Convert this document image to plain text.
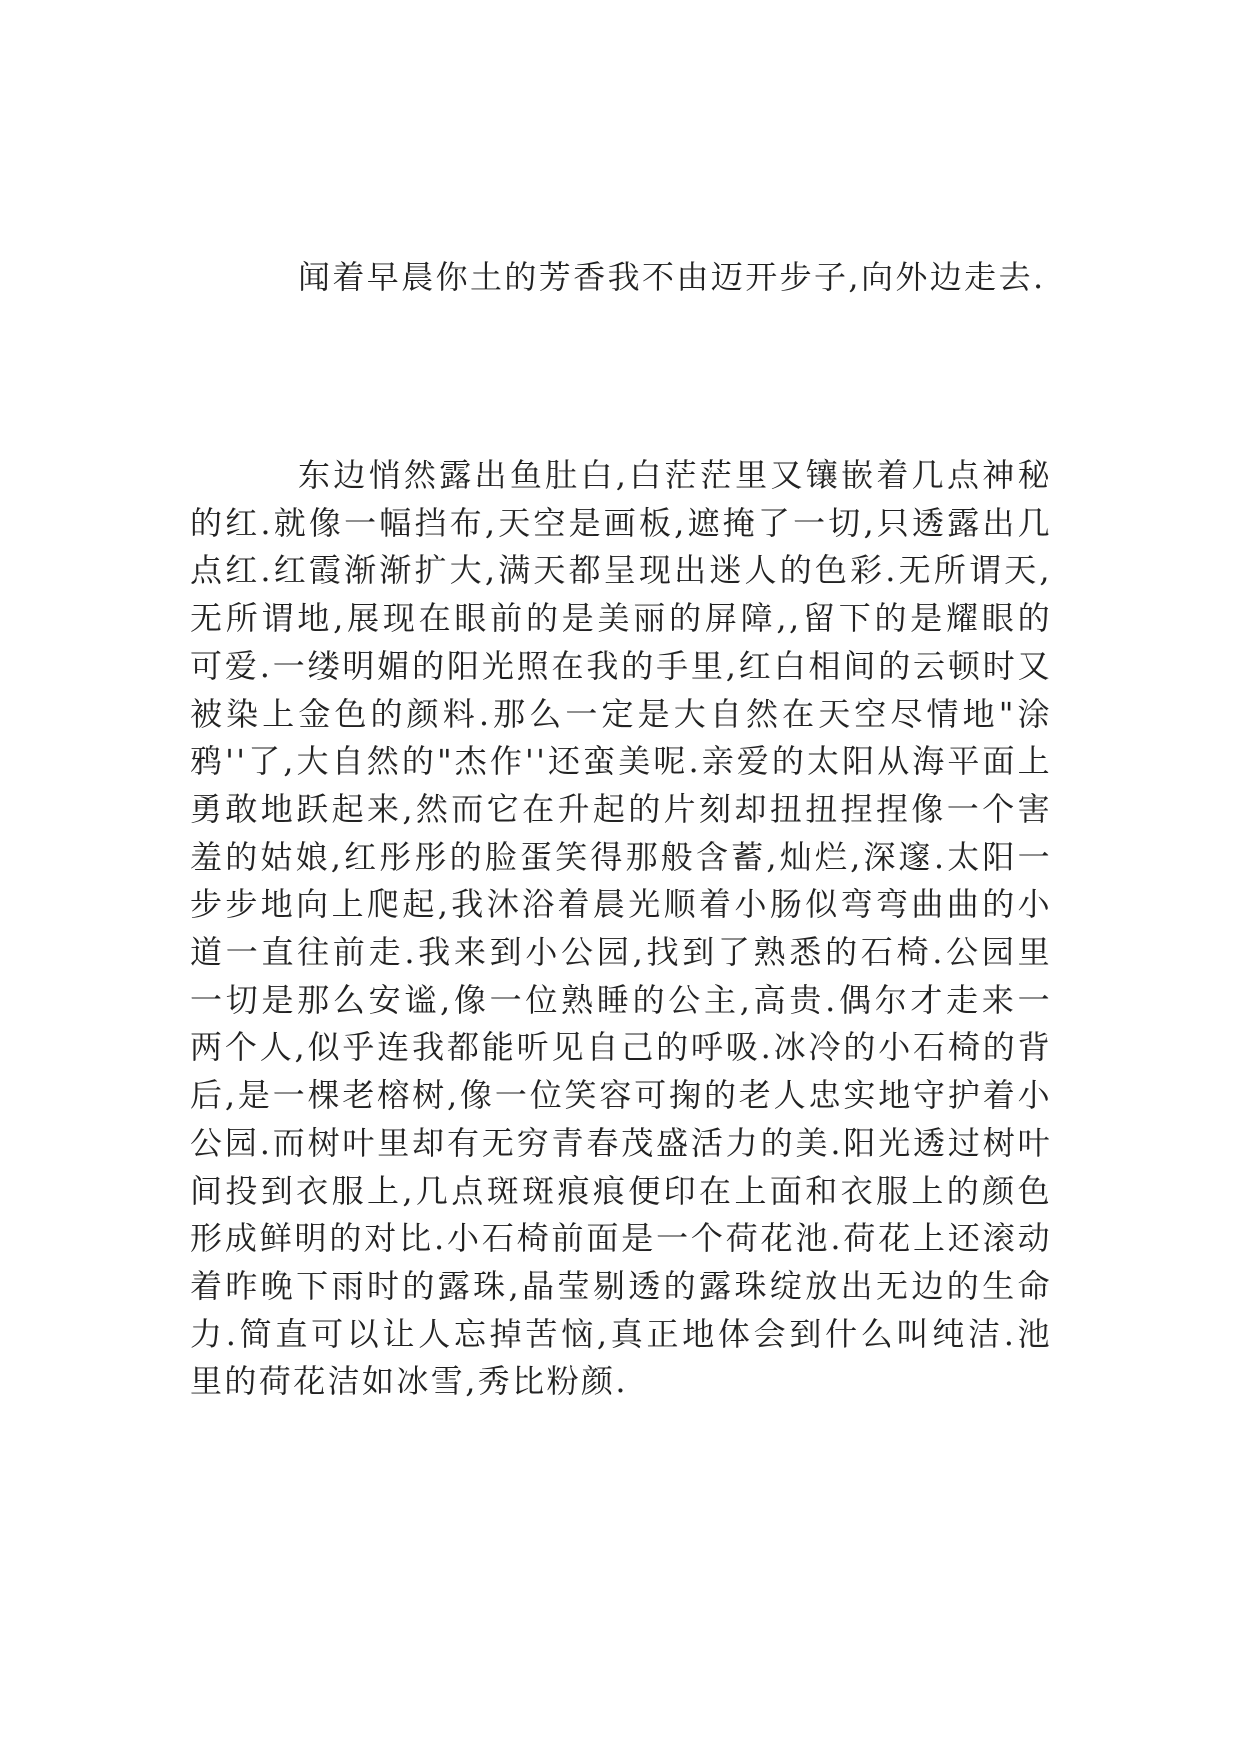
闻着早晨你土的芳香我不由迈开步子,向外边走去.

东边悄然露出鱼肚白,白茫茫里又镶嵌着几点神秘的红.就像一幅挡布,天空是画板,遮掩了一切,只透露出几点红.红霞渐渐扩大,满天都呈现出迷人的色彩.无所谓天,无所谓地,展现在眼前的是美丽的屏障,,留下的是耀眼的可爱.一缕明媚的阳光照在我的手里,红白相间的云顿时又被染上金色的颜料.那么一定是大自然在天空尽情地"涂鸦''了,大自然的"杰作''还蛮美呢.亲爱的太阳从海平面上勇敢地跃起来,然而它在升起的片刻却扭扭捏捏像一个害羞的姑娘,红彤彤的脸蛋笑得那般含蓄,灿烂,深邃.太阳一步步地向上爬起,我沐浴着晨光顺着小肠似弯弯曲曲的小道一直往前走.我来到小公园,找到了熟悉的石椅.公园里一切是那么安谧,像一位熟睡的公主,高贵.偶尔才走来一两个人,似乎连我都能听见自己的呼吸.冰冷的小石椅的背后,是一棵老榕树,像一位笑容可掬的老人忠实地守护着小公园.而树叶里却有无穷青春茂盛活力的美.阳光透过树叶间投到衣服上,几点斑斑痕痕便印在上面和衣服上的颜色形成鲜明的对比.小石椅前面是一个荷花池.荷花上还滚动着昨晚下雨时的露珠,晶莹剔透的露珠绽放出无边的生命力.简直可以让人忘掉苦恼,真正地体会到什么叫纯洁.池里的荷花洁如冰雪,秀比粉颜.
